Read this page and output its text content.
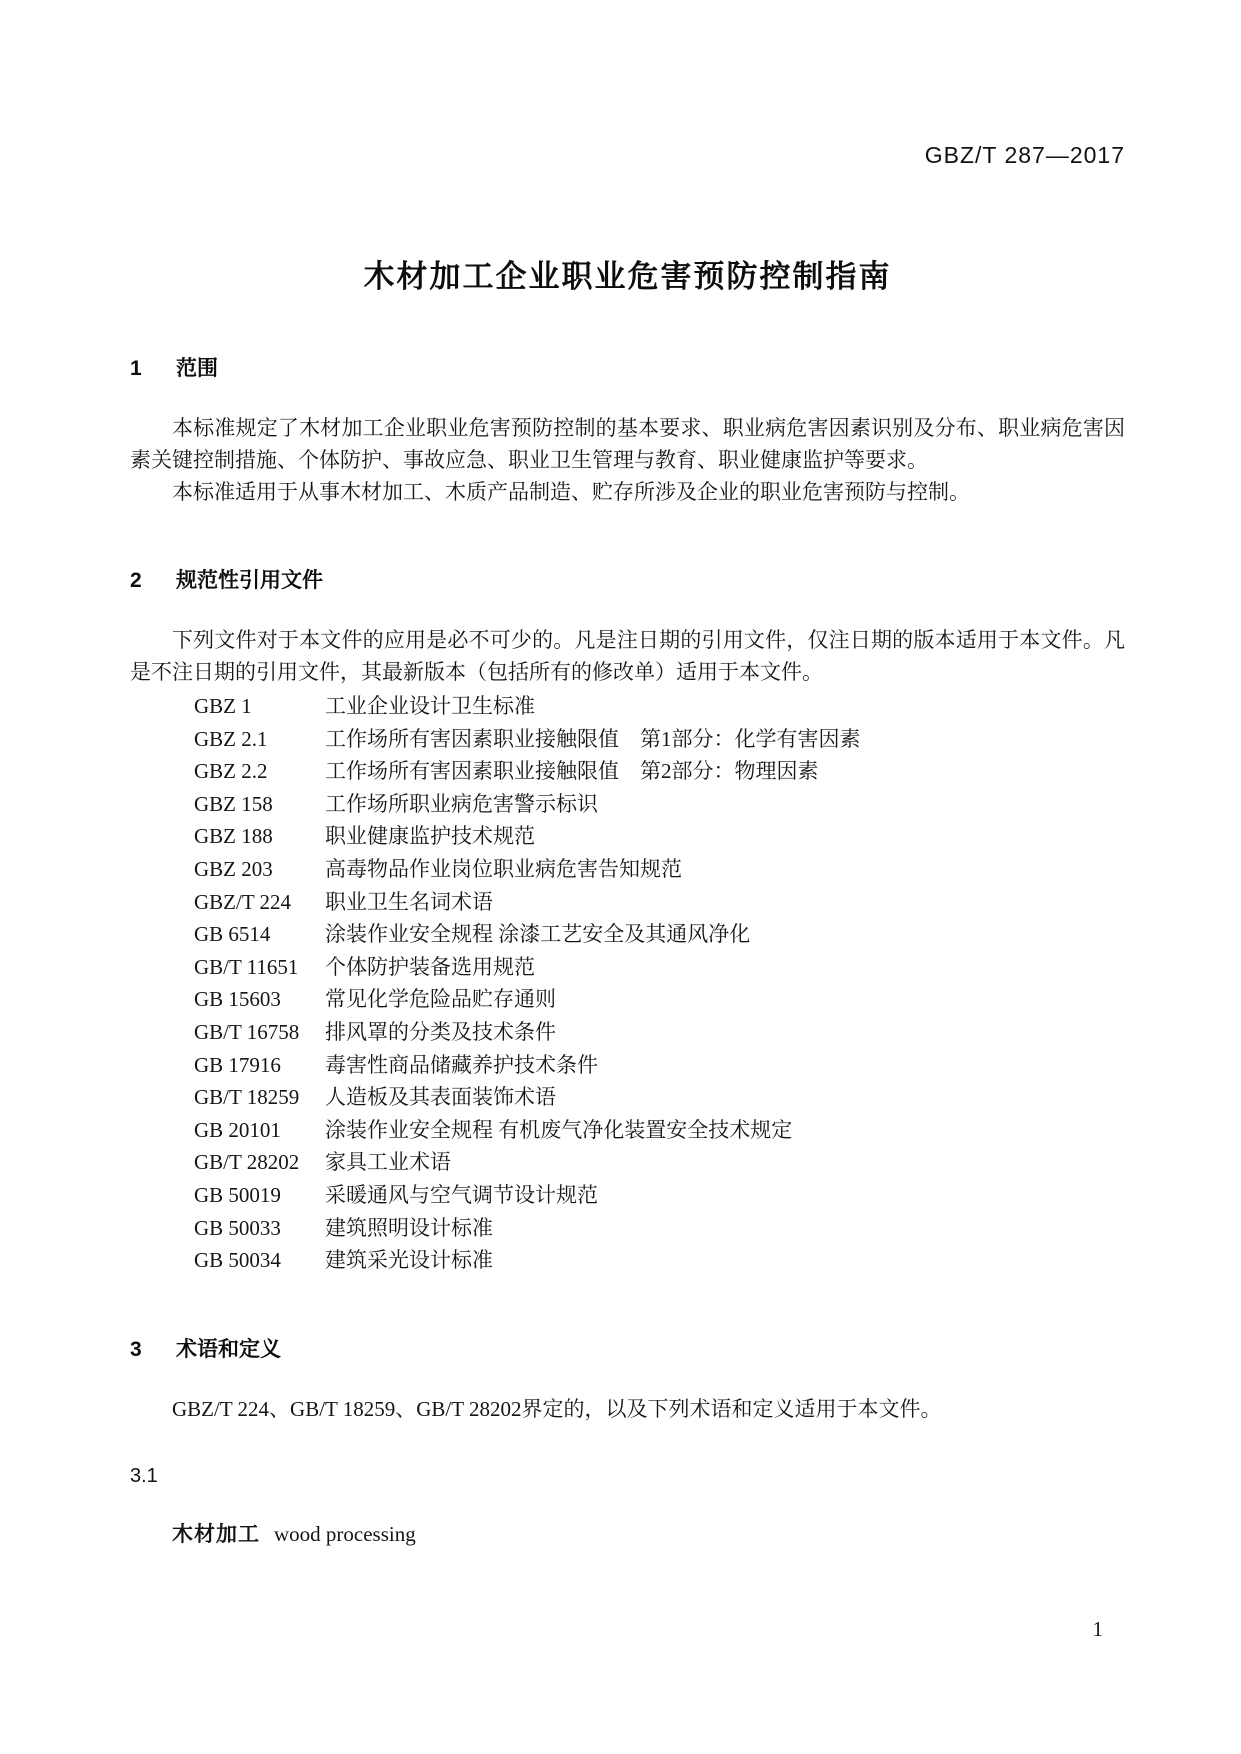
GBZ/T 287—2017
木材加工企业职业危害预防控制指南
1 范围

本标准规定了木材加工企业职业危害预防控制的基本要求、职业病危害因素识别及分布、职业病危害因素关键控制措施、个体防护、事故应急、职业卫生管理与教育、职业健康监护等要求。

本标准适用于从事木材加工、木质产品制造、贮存所涉及企业的职业危害预防与控制。

2 规范性引用文件

下列文件对于本文件的应用是必不可少的。凡是注日期的引用文件，仅注日期的版本适用于本文件。凡是不注日期的引用文件，其最新版本（包括所有的修改单）适用于本文件。

GBZ 1	工业企业设计卫生标准
GBZ 2.1	工作场所有害因素职业接触限值　第1部分：化学有害因素
GBZ 2.2	工作场所有害因素职业接触限值　第2部分：物理因素
GBZ 158 工作场所职业病危害警示标识
GBZ 188 职业健康监护技术规范
GBZ 203 高毒物品作业岗位职业病危害告知规范
GBZ/T 224 职业卫生名词术语
GB 6514	涂装作业安全规程 涂漆工艺安全及其通风净化
GB/T 11651 个体防护装备选用规范
GB 15603 常见化学危险品贮存通则
GB/T 16758 排风罩的分类及技术条件
GB 17916 毒害性商品储藏养护技术条件
GB/T 18259 人造板及其表面装饰术语
GB 20101 涂装作业安全规程 有机废气净化装置安全技术规定
GB/T 28202 家具工业术语
GB 50019 采暖通风与空气调节设计规范
GB 50033 建筑照明设计标准
GB 50034 建筑采光设计标准
3 术语和定义

GBZ/T 224、GB/T 18259、GB/T 28202界定的，以及下列术语和定义适用于本文件。

3.1
木材加工 wood processing
1
